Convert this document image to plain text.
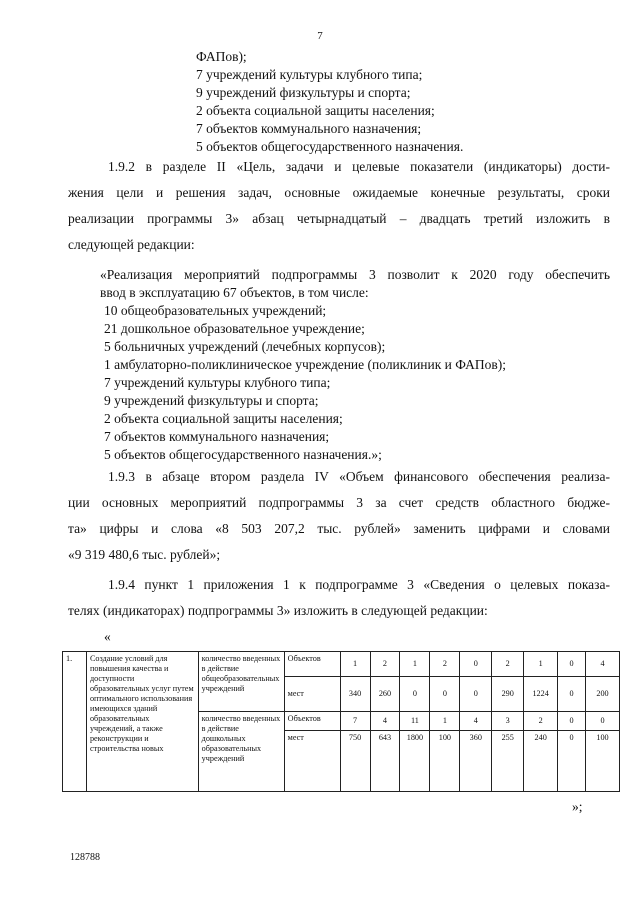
7
ФАПов);
7 учреждений культуры клубного типа;
9 учреждений физкультуры и спорта;
2 объекта социальной защиты населения;
7 объектов коммунального назначения;
5 объектов общегосударственного назначения.
1.9.2 в разделе II «Цель, задачи и целевые показатели (индикаторы) дости-
жения цели и решения задач, основные ожидаемые конечные результаты, сроки
реализации программы 3» абзац четырнадцатый – двадцать третий изложить в
следующей редакции:
«Реализация мероприятий подпрограммы 3 позволит к 2020 году обеспечить
ввод в эксплуатацию 67 объектов, в том числе:
10 общеобразовательных учреждений;
21 дошкольное образовательное учреждение;
5 больничных учреждений (лечебных корпусов);
1 амбулаторно-поликлиническое учреждение (поликлиник и ФАПов);
7 учреждений культуры клубного типа;
9 учреждений физкультуры и спорта;
2 объекта социальной защиты населения;
7 объектов коммунального назначения;
5 объектов общегосударственного назначения.»;
1.9.3 в абзаце втором раздела IV «Объем финансового обеспечения реализа-
ции основных мероприятий подпрограммы 3 за счет средств областного бюдже-
та» цифры и слова «8 503 207,2 тыс. рублей» заменить цифрами и словами
«9 319 480,6 тыс. рублей»;
1.9.4 пункт 1 приложения 1 к подпрограмме 3 «Сведения о целевых показа-
телях (индикаторах) подпрограммы 3» изложить в следующей редакции:
«
1.	Создание условий для повышения качества и доступности образовательных услуг путем оптимального использования имеющихся зданий образовательных учреждений, а также реконструкции и строительства новых	количество введенных в действие общеобразовательных учреждений	Объектов	1	2	1	2	0	2	1	0	4
			мест	340	260	0	0	0	290	1224	0	200
		количество введенных в действие дошкольных образовательных учреждений	Объектов	7	4	11	1	4	3	2	0	0
			мест	750	643	1800	100	360	255	240	0	100
»;
128788
